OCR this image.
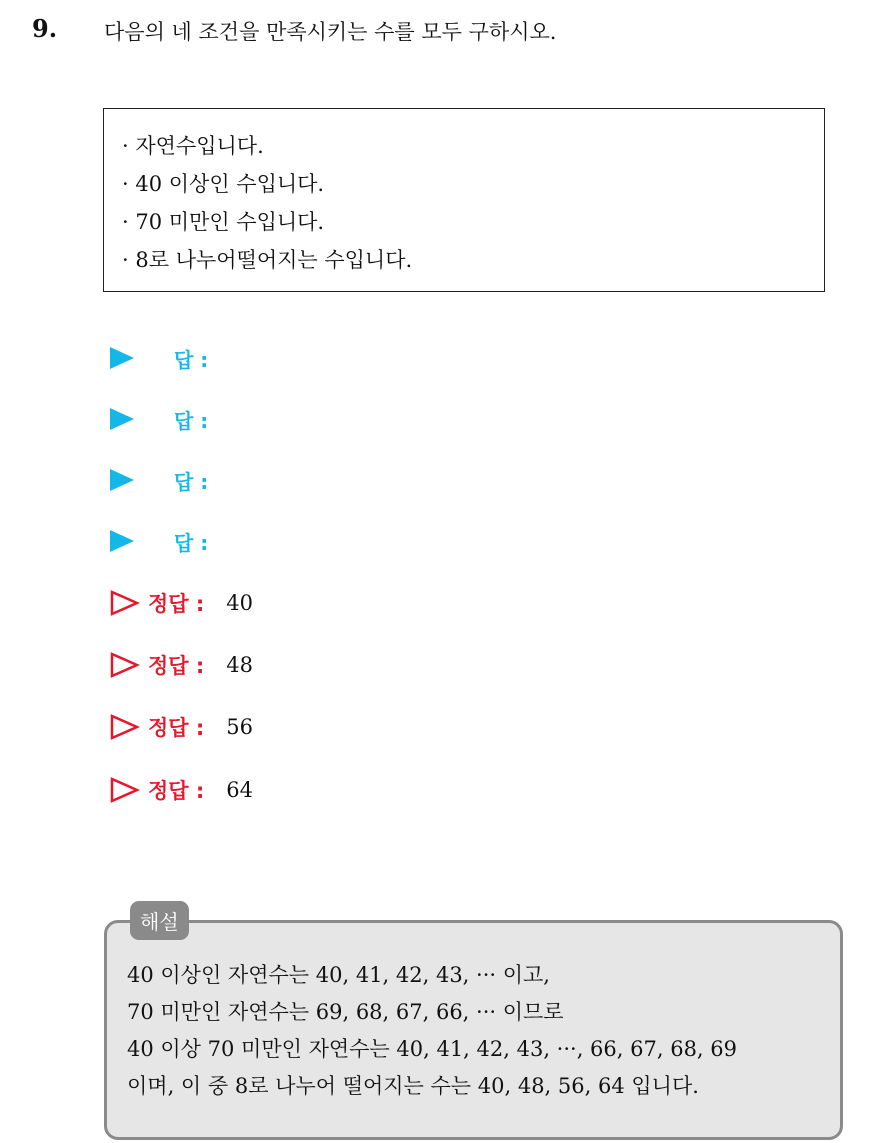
9. 다음의 네 조건을 만족시키는 수를 모두 구하시오.
· 자연수입니다.
· 40 이상인 수입니다.
· 70 미만인 수입니다.
· 8로 나누어떨어지는 수입니다.
답 :
답 :
답 :
답 :
정답 : 40
정답 : 48
정답 : 56
정답 : 64
해설
40 이상인 자연수는 40, 41, 42, 43, ··· 이고,
70 미만인 자연수는 69, 68, 67, 66, ··· 이므로
40 이상 70 미만인 자연수는 40, 41, 42, 43, ···, 66, 67, 68, 69
이며, 이 중 8로 나누어 떨어지는 수는 40, 48, 56, 64 입니다.
